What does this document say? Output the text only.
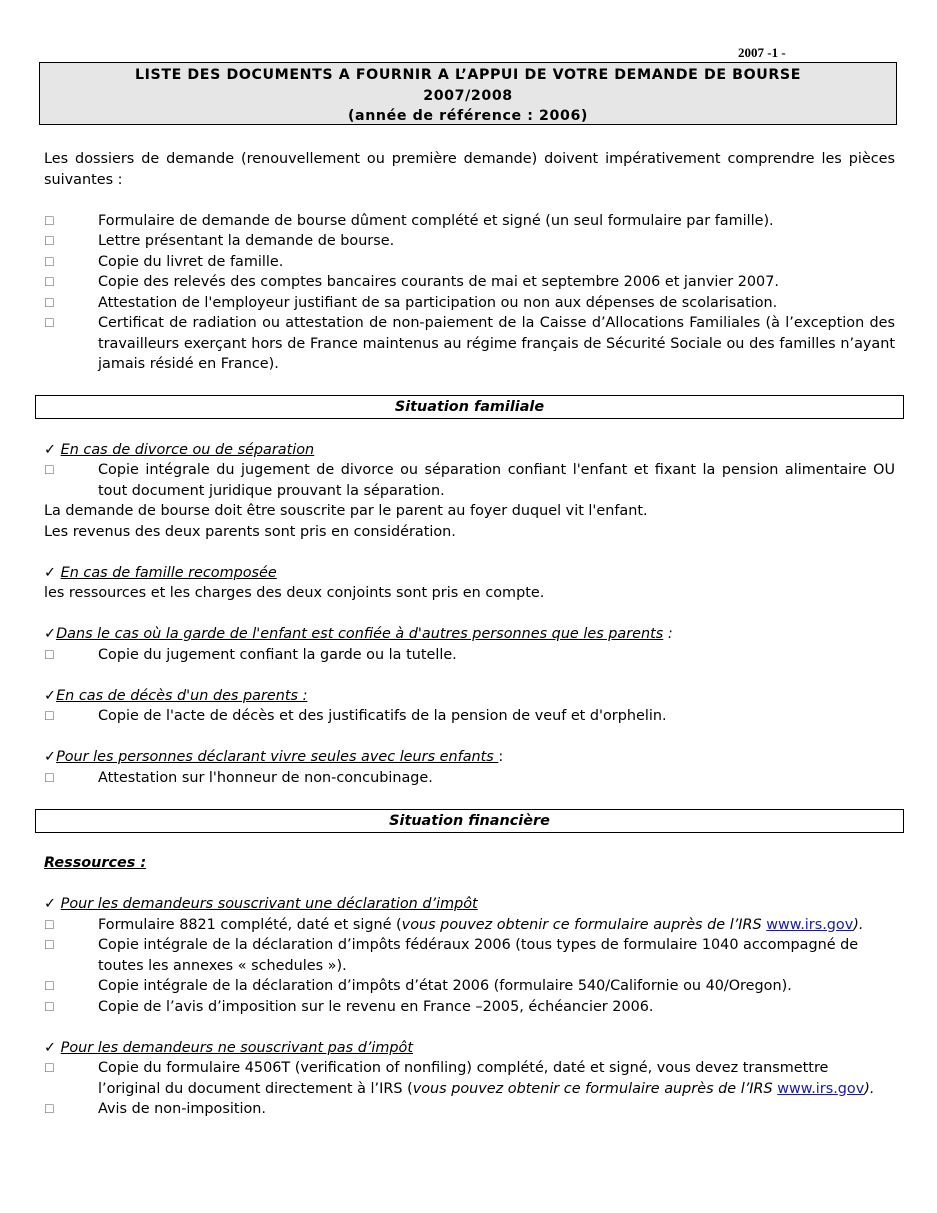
2007 -1 -
LISTE DES DOCUMENTS A FOURNIR A L’APPUI DE VOTRE DEMANDE DE BOURSE
2007/2008
(année de référence : 2006)

Les dossiers de demande (renouvellement ou première demande) doivent impérativement comprendre les pièces suivantes :

☐	Formulaire de demande de bourse dûment complété et signé (un seul formulaire par famille).
☐	Lettre présentant la demande de bourse.
☐	Copie du livret de famille.
☐	Copie des relevés des comptes bancaires courants de mai et septembre 2006 et janvier 2007.
☐	Attestation de l'employeur justifiant de sa participation ou non aux dépenses de scolarisation.
☐	Certificat de radiation ou attestation de non-paiement de la Caisse d’Allocations Familiales (à l’exception des travailleurs exerçant hors de France maintenus au régime français de Sécurité Sociale ou des familles n’ayant jamais résidé en France).
Situation familiale

✓ En cas de divorce ou de séparation

☐	Copie intégrale du jugement de divorce ou séparation confiant l'enfant et fixant la pension alimentaire OU tout document juridique prouvant la séparation.

La demande de bourse doit être souscrite par le parent au foyer duquel vit l'enfant.

Les revenus des deux parents sont pris en considération.

✓ En cas de famille recomposée

les ressources et les charges des deux conjoints sont pris en compte.

✓Dans le cas où la garde de l'enfant est confiée à d'autres personnes que les parents :

☐	Copie du jugement confiant la garde ou la tutelle.

✓En cas de décès d'un des parents :

☐	Copie de l'acte de décès et des justificatifs de la pension de veuf et d'orphelin.

✓Pour les personnes déclarant vivre seules avec leurs enfants :

☐	Attestation sur l'honneur de non-concubinage.
Situation financière

Ressources :

✓ Pour les demandeurs souscrivant une déclaration d’impôt

☐	Formulaire 8821 complété, daté et signé (vous pouvez obtenir ce formulaire auprès de l’IRS www.irs.gov).
☐	Copie intégrale de la déclaration d’impôts fédéraux 2006 (tous types de formulaire 1040 accompagné de toutes les annexes « schedules »).
☐	Copie intégrale de la déclaration d’impôts d’état 2006 (formulaire 540/Californie ou 40/Oregon).
☐	Copie de l’avis d’imposition sur le revenu en France –2005, échéancier 2006.

✓ Pour les demandeurs ne souscrivant pas d’impôt

☐	Copie du formulaire 4506T (verification of nonfiling) complété, daté et signé, vous devez transmettre l’original du document directement à l’IRS (vous pouvez obtenir ce formulaire auprès de l’IRS www.irs.gov).
☐	Avis de non-imposition.
